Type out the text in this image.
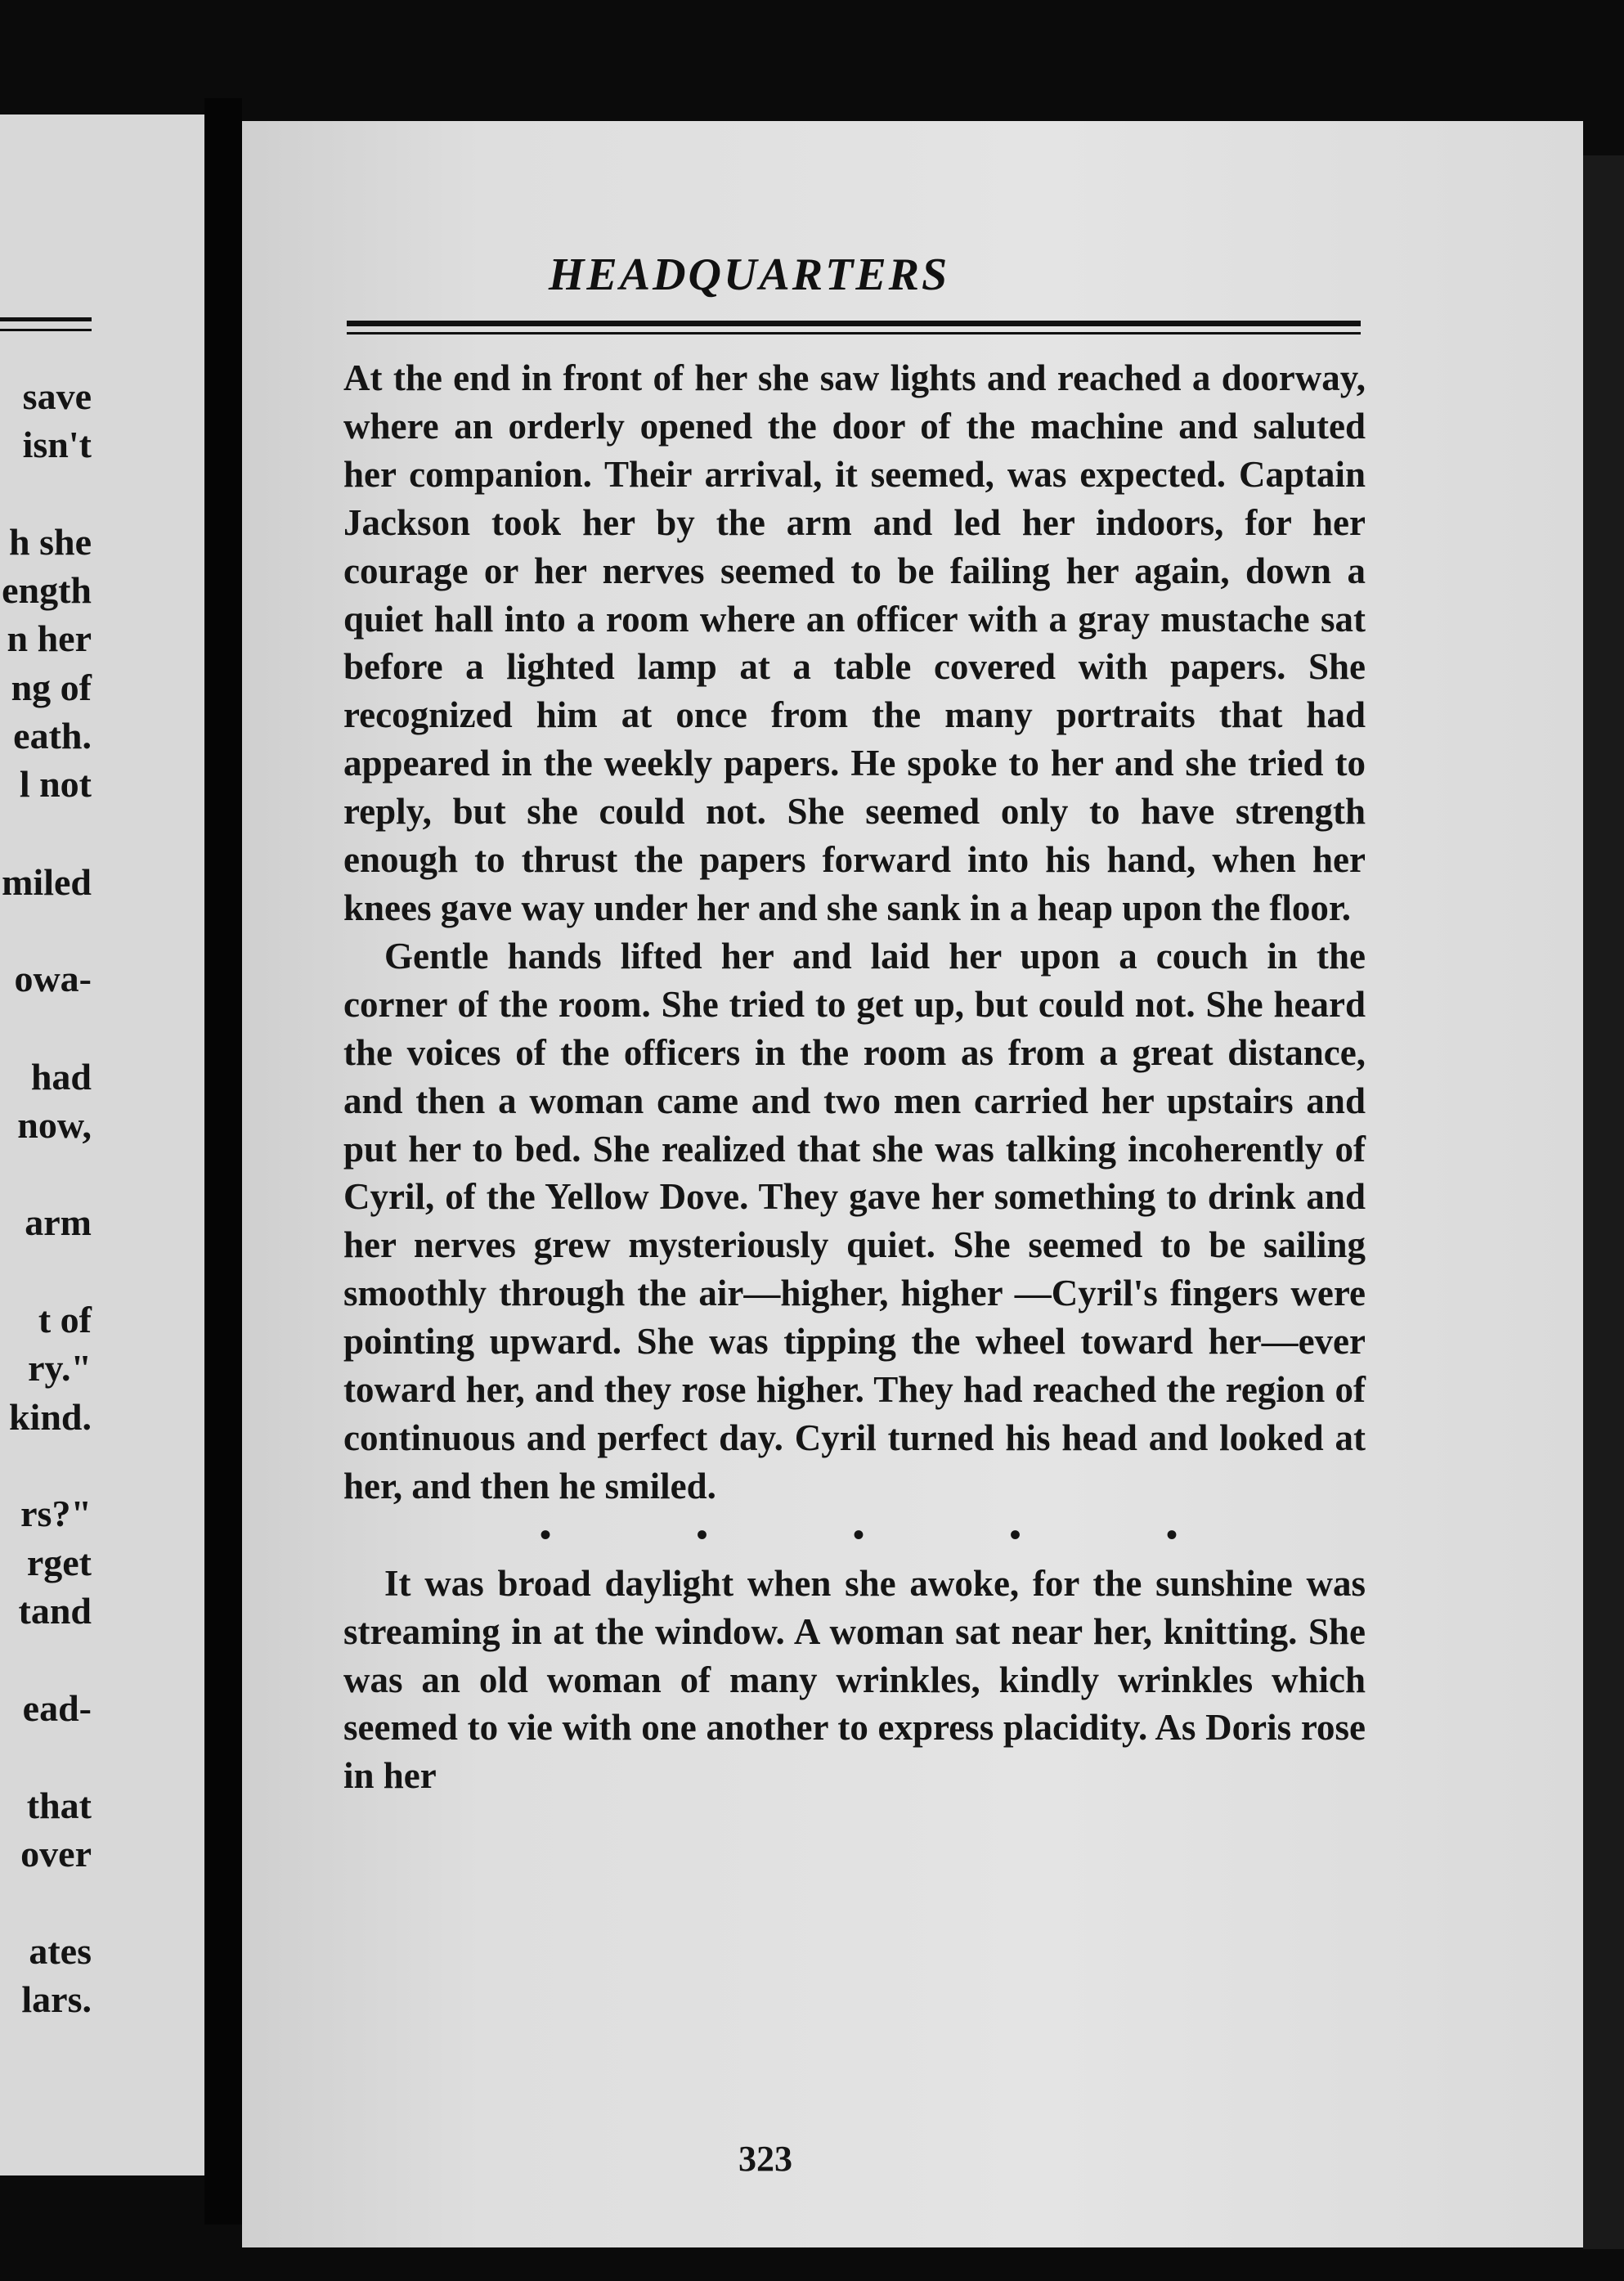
save

isn't

h she

ength

n her

ng of

eath.

l not

miled

owa-

had

now,

arm

t of

ry."

kind.

rs?"

rget

tand

ead-

that

over

ates

lars.

HEADQUARTERS

At the end in front of her she saw lights and reached a doorway, where an orderly opened the door of the machine and saluted her companion. Their arrival, it seemed, was expected. Captain Jackson took her by the arm and led her indoors, for her courage or her nerves seemed to be failing her again, down a quiet hall into a room where an officer with a gray mustache sat before a lighted lamp at a table covered with papers. She recognized him at once from the many portraits that had appeared in the weekly papers. He spoke to her and she tried to reply, but she could not. She seemed only to have strength enough to thrust the papers forward into his hand, when her knees gave way under her and she sank in a heap upon the floor.

Gentle hands lifted her and laid her upon a couch in the corner of the room. She tried to get up, but could not. She heard the voices of the officers in the room as from a great distance, and then a woman came and two men carried her upstairs and put her to bed. She realized that she was talking incoherently of Cyril, of the Yellow Dove. They gave her something to drink and her nerves grew mysteriously quiet. She seemed to be sailing smoothly through the air—higher, higher —Cyril's fingers were pointing upward. She was tipping the wheel toward her—ever toward her, and they rose higher. They had reached the region of continuous and perfect day. Cyril turned his head and looked at her, and then he smiled.

•	•	•	•	•

It was broad daylight when she awoke, for the sunshine was streaming in at the window. A woman sat near her, knitting. She was an old woman of many wrinkles, kindly wrinkles which seemed to vie with one another to express placidity. As Doris rose in her

323
